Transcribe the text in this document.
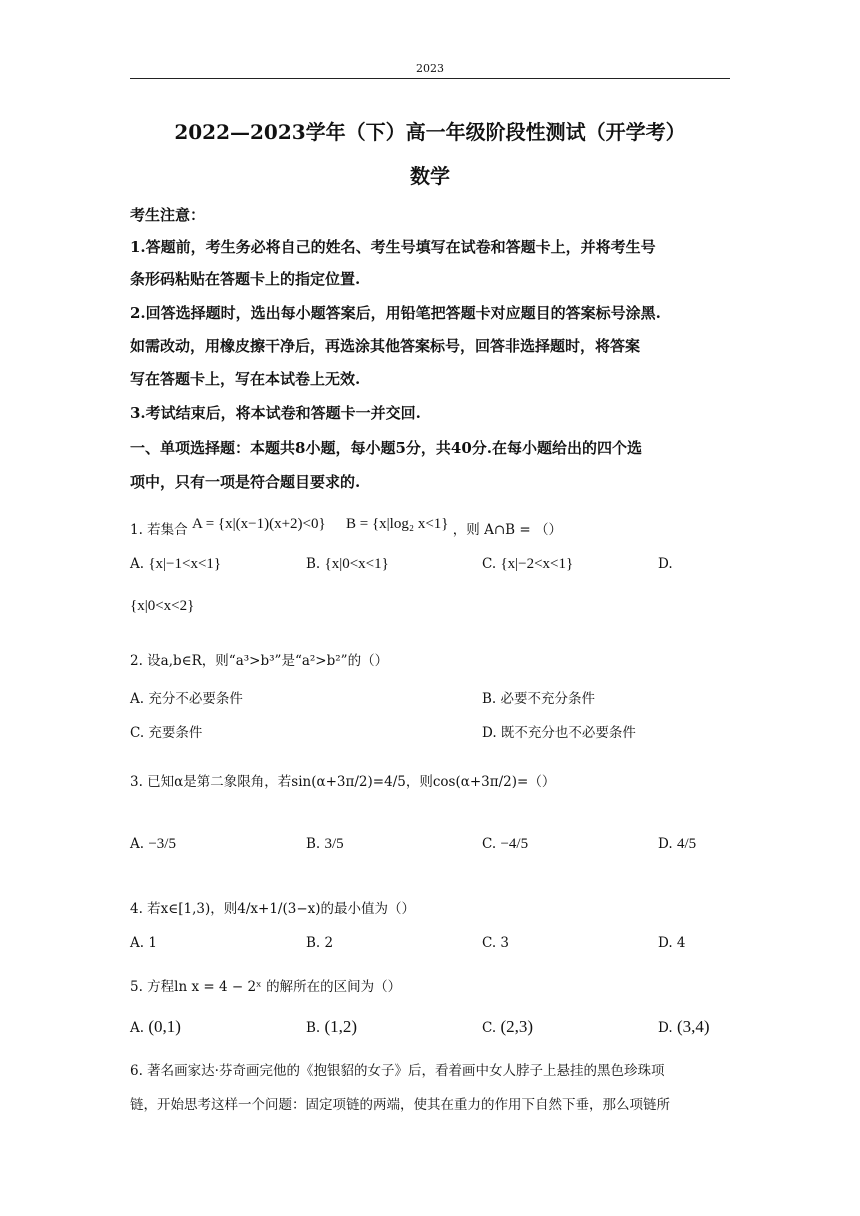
2023
2022—2023学年（下）高一年级阶段性测试（开学考）
数学
考生注意：
1.答题前，考生务必将自己的姓名、考生号填写在试卷和答题卡上，并将考生号
条形码粘贴在答题卡上的指定位置.
2.回答选择题时，选出每小题答案后，用铅笔把答题卡对应题目的答案标号涂黑.
如需改动，用橡皮擦干净后，再选涂其他答案标号，回答非选择题时，将答案
写在答题卡上，写在本试卷上无效.
3.考试结束后，将本试卷和答题卡一并交回.
一、单项选择题：本题共8小题，每小题5分，共40分.在每小题给出的四个选
项中，只有一项是符合题目要求的.
1. 若集合 A = {x|(x−1)(x+2)<0} B = {x|log₂ x<1} ，则 A∩B = （）
A. {x|−1<x<1}	B. {x|0<x<1}	C. {x|−2<x<1}	D.
{x|0<x<2}
2. 设a,b∈R，则“a³>b³”是“a²>b²”的（）
A. 充分不必要条件	B. 必要不充分条件
C. 充要条件	D. 既不充分也不必要条件
3. 已知α是第二象限角，若sin(α+3π/2)=4/5，则cos(α+3π/2)=（）
A. −3/5	B. 3/5	C. −4/5	D. 4/5
4. 若x∈[1,3)，则4/x+1/(3−x)的最小值为（）
A. 1	B. 2	C. 3	D. 4
5. 方程ln x = 4 − 2ˣ 的解所在的区间为（）
A. (0,1)	B. (1,2)	C. (2,3)	D. (3,4)
6. 著名画家达·芬奇画完他的《抱银貂的女子》后，看着画中女人脖子上悬挂的黑色珍珠项
链，开始思考这样一个问题：固定项链的两端，使其在重力的作用下自然下垂，那么项链所
